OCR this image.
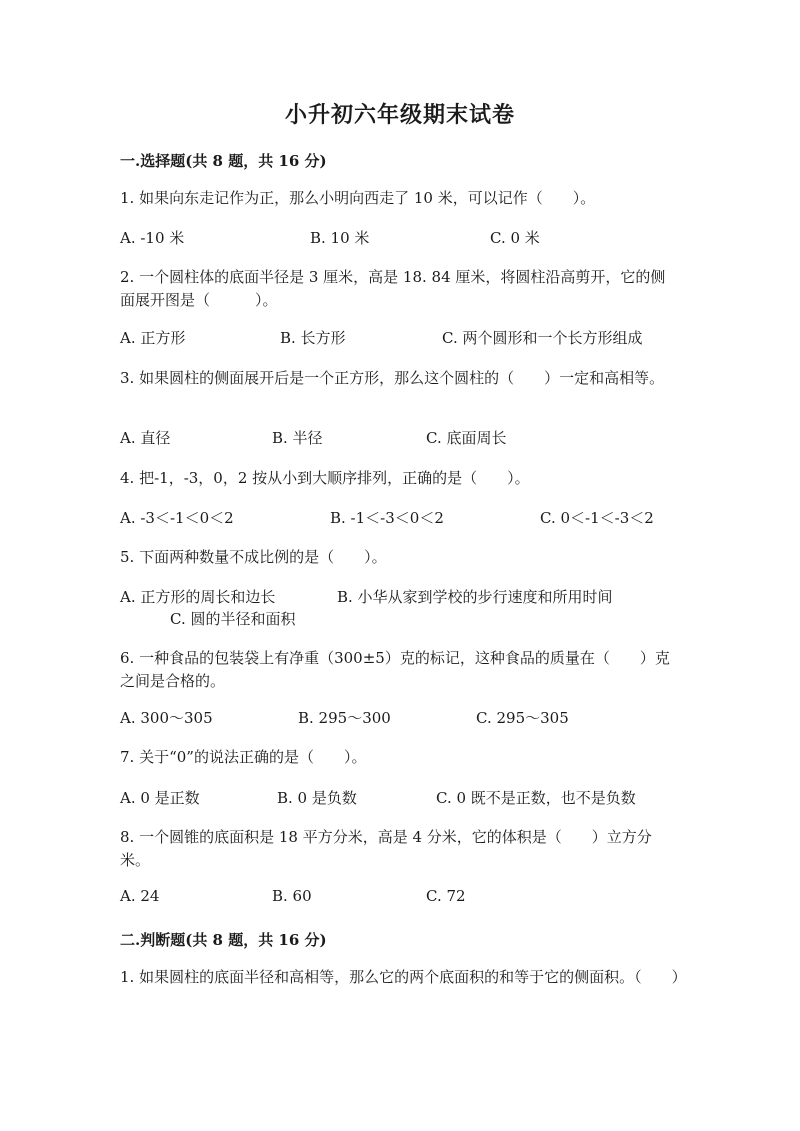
小升初六年级期末试卷
一.选择题(共 8 题，共 16 分)
1. 如果向东走记作为正，那么小明向西走了 10 米，可以记作（　　）。
A. -10 米	B. 10 米	C. 0 米
2. 一个圆柱体的底面半径是 3 厘米，高是 18. 84 厘米，将圆柱沿高剪开，它的侧面展开图是（　　　）。
A. 正方形	B. 长方形	C. 两个圆形和一个长方形组成
3. 如果圆柱的侧面展开后是一个正方形，那么这个圆柱的（　　）一定和高相等。
A. 直径	B. 半径	C. 底面周长
4. 把-1，-3，0，2 按从小到大顺序排列，正确的是（　　）。
A. -3＜-1＜0＜2	B. -1＜-3＜0＜2	C. 0＜-1＜-3＜2
5. 下面两种数量不成比例的是（　　）。
A. 正方形的周长和边长	B. 小华从家到学校的步行速度和所用时间
C. 圆的半径和面积
6. 一种食品的包装袋上有净重（300±5）克的标记，这种食品的质量在（　　）克之间是合格的。
A. 300～305	B. 295～300	C. 295～305
7. 关于“0”的说法正确的是（　　）。
A. 0 是正数	B. 0 是负数	C. 0 既不是正数，也不是负数
8. 一个圆锥的底面积是 18 平方分米，高是 4 分米，它的体积是（　　）立方分米。
A. 24	B. 60	C. 72
二.判断题(共 8 题，共 16 分)
1. 如果圆柱的底面半径和高相等，那么它的两个底面积的和等于它的侧面积。（　　）
